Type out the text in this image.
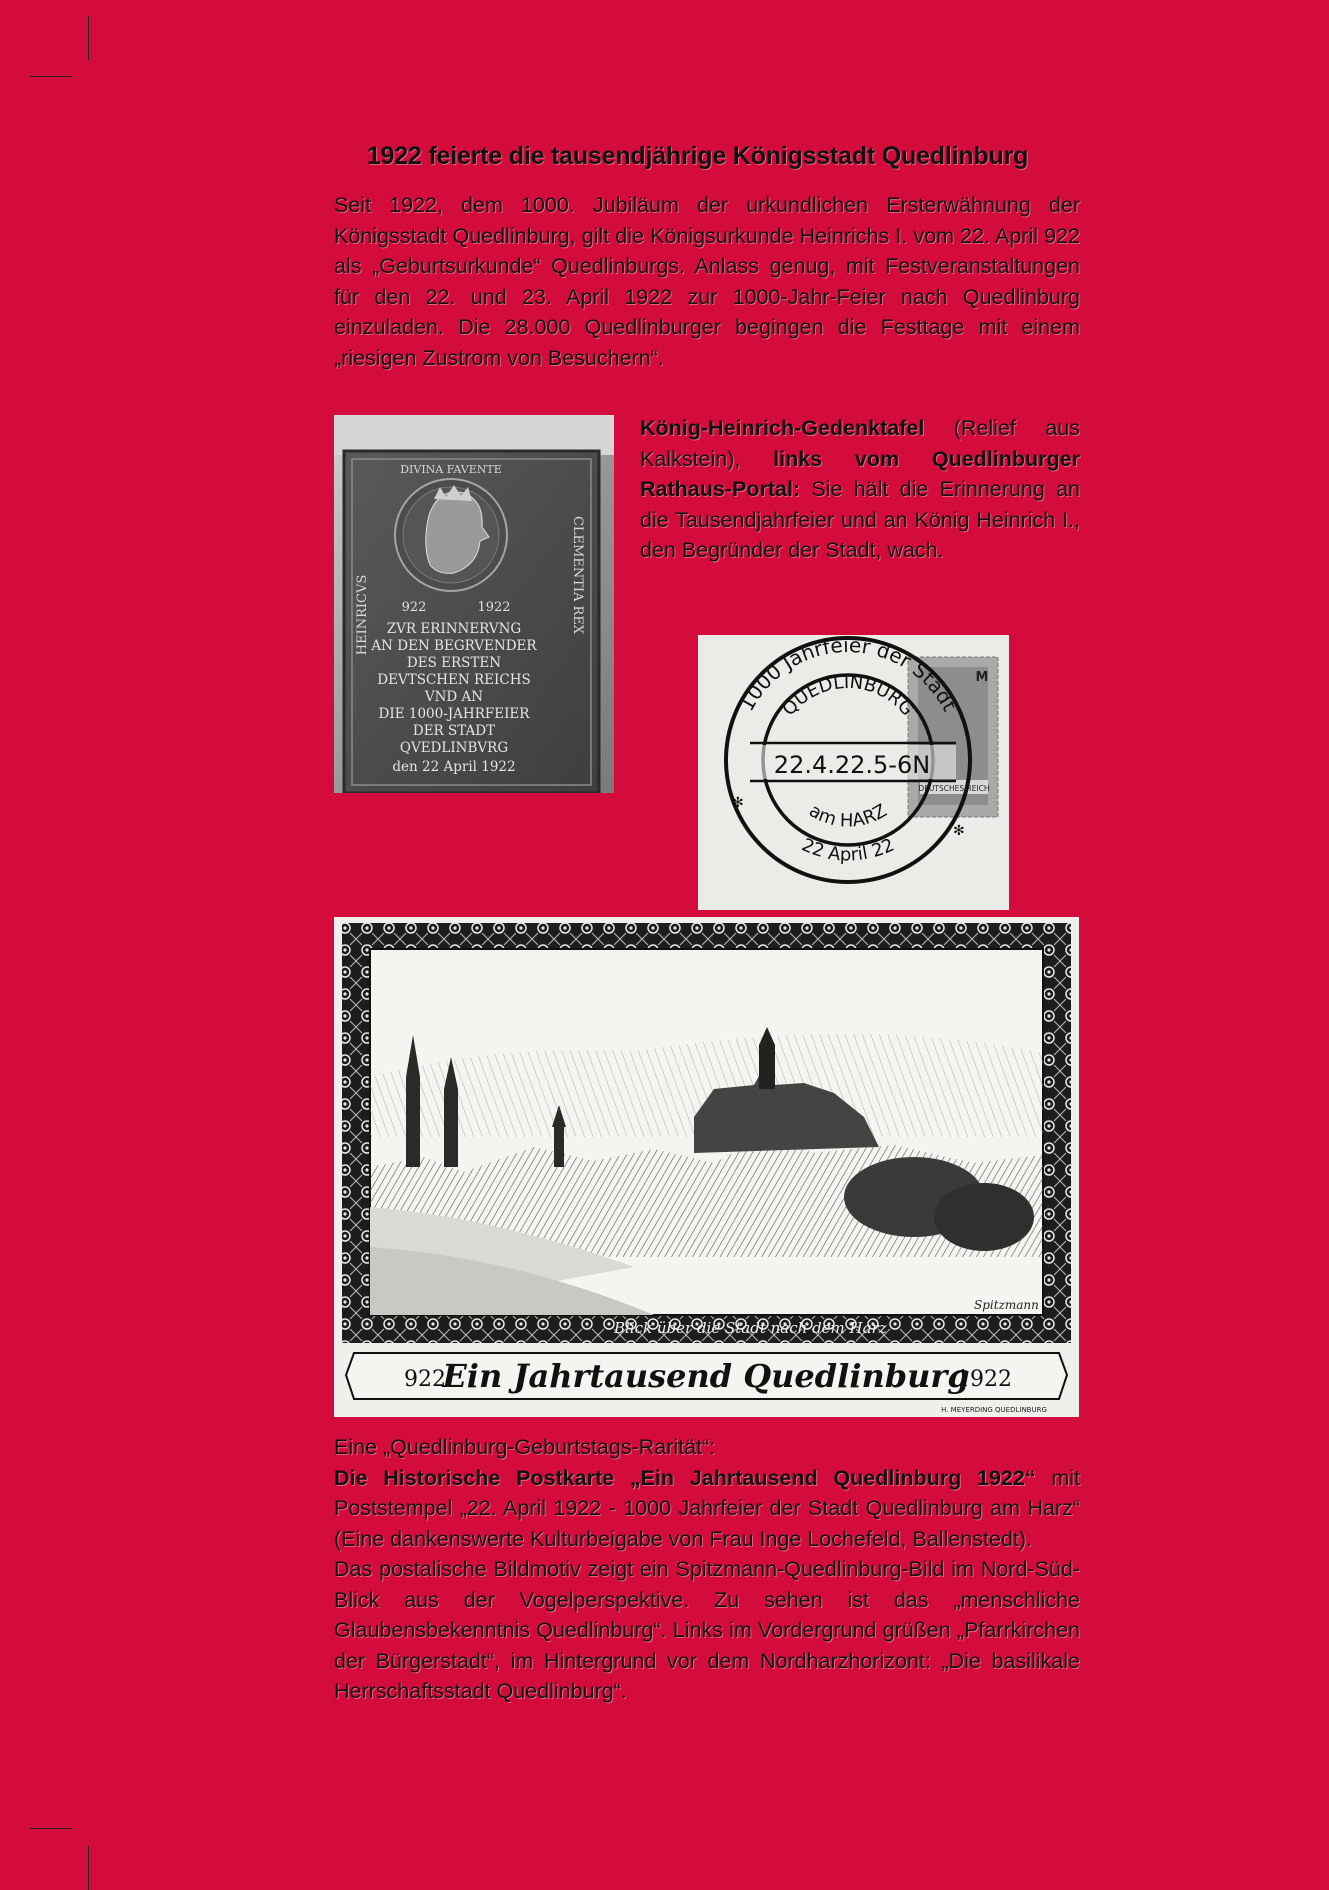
1922 feierte die tausendjährige Königsstadt Quedlinburg
Seit 1922, dem 1000. Jubiläum der urkundlichen Ersterwähnung der Königsstadt Quedlinburg, gilt die Königsurkunde Heinrichs I. vom 22. April 922 als „Geburtsurkunde“ Quedlinburgs. Anlass genug, mit Festveranstaltungen für den 22. und 23. April 1922 zur 1000-Jahr-Feier nach Quedlinburg einzuladen. Die 28.000 Quedlinburger begingen die Festtage mit einem „riesigen Zustrom von Besuchern“.
DIVINA FAVENTE
HEINRICVS	CLEMENTIA REX
922	1922
ZVR ERINNERVNG
AN DEN BEGRVENDER
DES ERSTEN
DEVTSCHEN REICHS
VND AN
DIE 1000-JAHRFEIER
DER STADT
QVEDLINBVRG
den 22 April 1922
König-Heinrich-Gedenktafel (Relief aus Kalkstein), links vom Quedlinburger Rathaus-Portal: Sie hält die Erinnerung an die Tausendjahrfeier und an König Heinrich I., den Begründer der Stadt, wach.
M
DEUTSCHES REICH
1000 Jahrfeier der Stadt
QUEDLINBURG
22.4.22.5-6N
am HARZ
22 April 22
✻
✻
Blick über die Stadt nach dem Harz
Spitzmann
922
Ein Jahrtausend Quedlinburg
1922
H. MEYERDING QUEDLINBURG
Eine „Quedlinburg-Geburtstags-Rarität“:
Die Historische Postkarte „Ein Jahrtausend Quedlinburg 1922“ mit Poststempel „22. April 1922 - 1000 Jahrfeier der Stadt Quedlinburg am Harz“ (Eine dankenswerte Kulturbeigabe von Frau Inge Lochefeld, Ballenstedt).
Das postalische Bildmotiv zeigt ein Spitzmann-Quedlinburg-Bild im Nord-Süd-Blick aus der Vogelperspektive. Zu sehen ist das „menschliche Glaubensbekenntnis Quedlinburg“. Links im Vordergrund grüßen „Pfarrkirchen der Bürgerstadt“, im Hintergrund vor dem Nordharzhorizont: „Die basilikale Herrschaftsstadt Quedlinburg“.
